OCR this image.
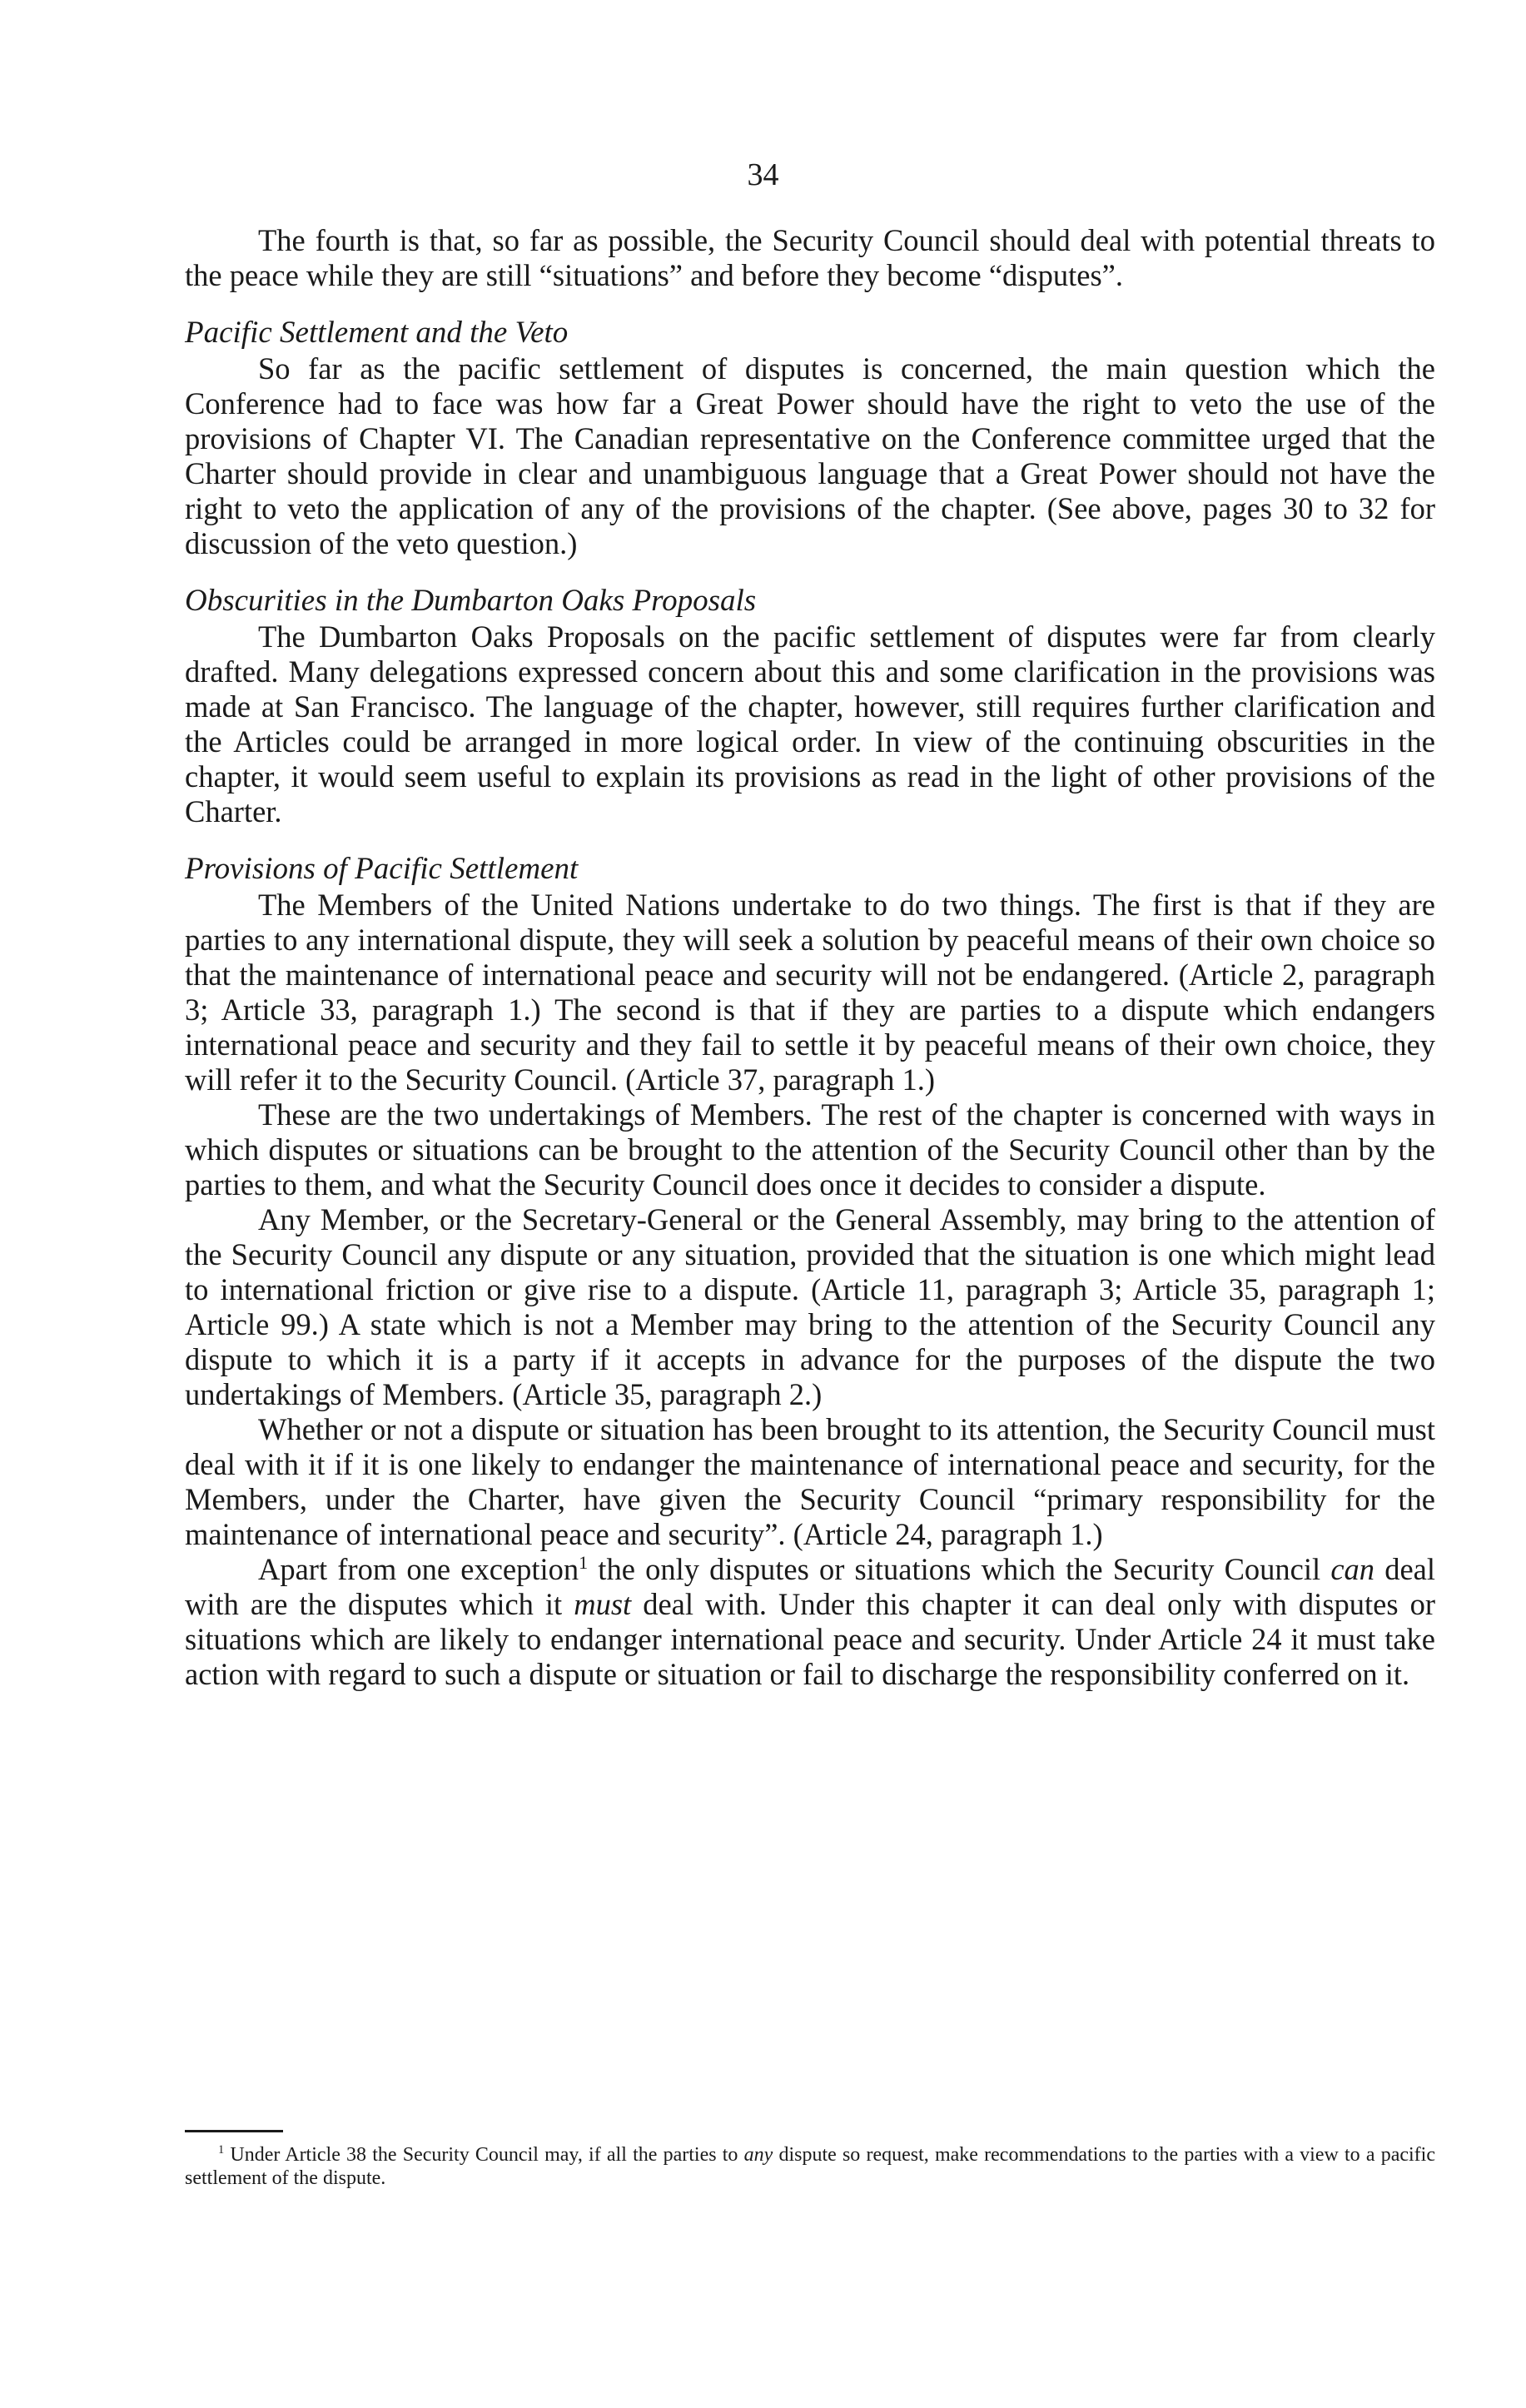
34

The fourth is that, so far as possible, the Security Council should deal with potential threats to the peace while they are still “situations” and before they become “disputes”.

Pacific Settlement and the Veto

So far as the pacific settlement of disputes is concerned, the main question which the Conference had to face was how far a Great Power should have the right to veto the use of the provisions of Chapter VI. The Canadian representative on the Conference committee urged that the Charter should provide in clear and unambiguous language that a Great Power should not have the right to veto the application of any of the provisions of the chapter. (See above, pages 30 to 32 for discussion of the veto question.)

Obscurities in the Dumbarton Oaks Proposals

The Dumbarton Oaks Proposals on the pacific settlement of disputes were far from clearly drafted. Many delegations expressed concern about this and some clarification in the provisions was made at San Francisco. The language of the chapter, however, still requires further clarification and the Articles could be arranged in more logical order. In view of the continuing obscurities in the chapter, it would seem useful to explain its provisions as read in the light of other provisions of the Charter.

Provisions of Pacific Settlement

The Members of the United Nations undertake to do two things. The first is that if they are parties to any international dispute, they will seek a solution by peaceful means of their own choice so that the maintenance of international peace and security will not be endangered. (Article 2, paragraph 3; Article 33, paragraph 1.) The second is that if they are parties to a dispute which endangers international peace and security and they fail to settle it by peaceful means of their own choice, they will refer it to the Security Council. (Article 37, paragraph 1.)

These are the two undertakings of Members. The rest of the chapter is concerned with ways in which disputes or situations can be brought to the attention of the Security Council other than by the parties to them, and what the Security Council does once it decides to consider a dispute.

Any Member, or the Secretary-General or the General Assembly, may bring to the attention of the Security Council any dispute or any situation, provided that the situation is one which might lead to international friction or give rise to a dispute. (Article 11, paragraph 3; Article 35, paragraph 1; Article 99.) A state which is not a Member may bring to the attention of the Security Council any dispute to which it is a party if it accepts in advance for the purposes of the dispute the two undertakings of Members. (Article 35, paragraph 2.)

Whether or not a dispute or situation has been brought to its attention, the Security Council must deal with it if it is one likely to endanger the maintenance of international peace and security, for the Members, under the Charter, have given the Security Council “primary responsibility for the maintenance of international peace and security”. (Article 24, paragraph 1.)

Apart from one exception$^1$ the only disputes or situations which the Security Council can deal with are the disputes which it must deal with. Under this chapter it can deal only with disputes or situations which are likely to endanger international peace and security. Under Article 24 it must take action with regard to such a dispute or situation or fail to discharge the responsibility conferred on it.

$^1$ Under Article 38 the Security Council may, if all the parties to any dispute so request, make recommendations to the parties with a view to a pacific settlement of the dispute.
